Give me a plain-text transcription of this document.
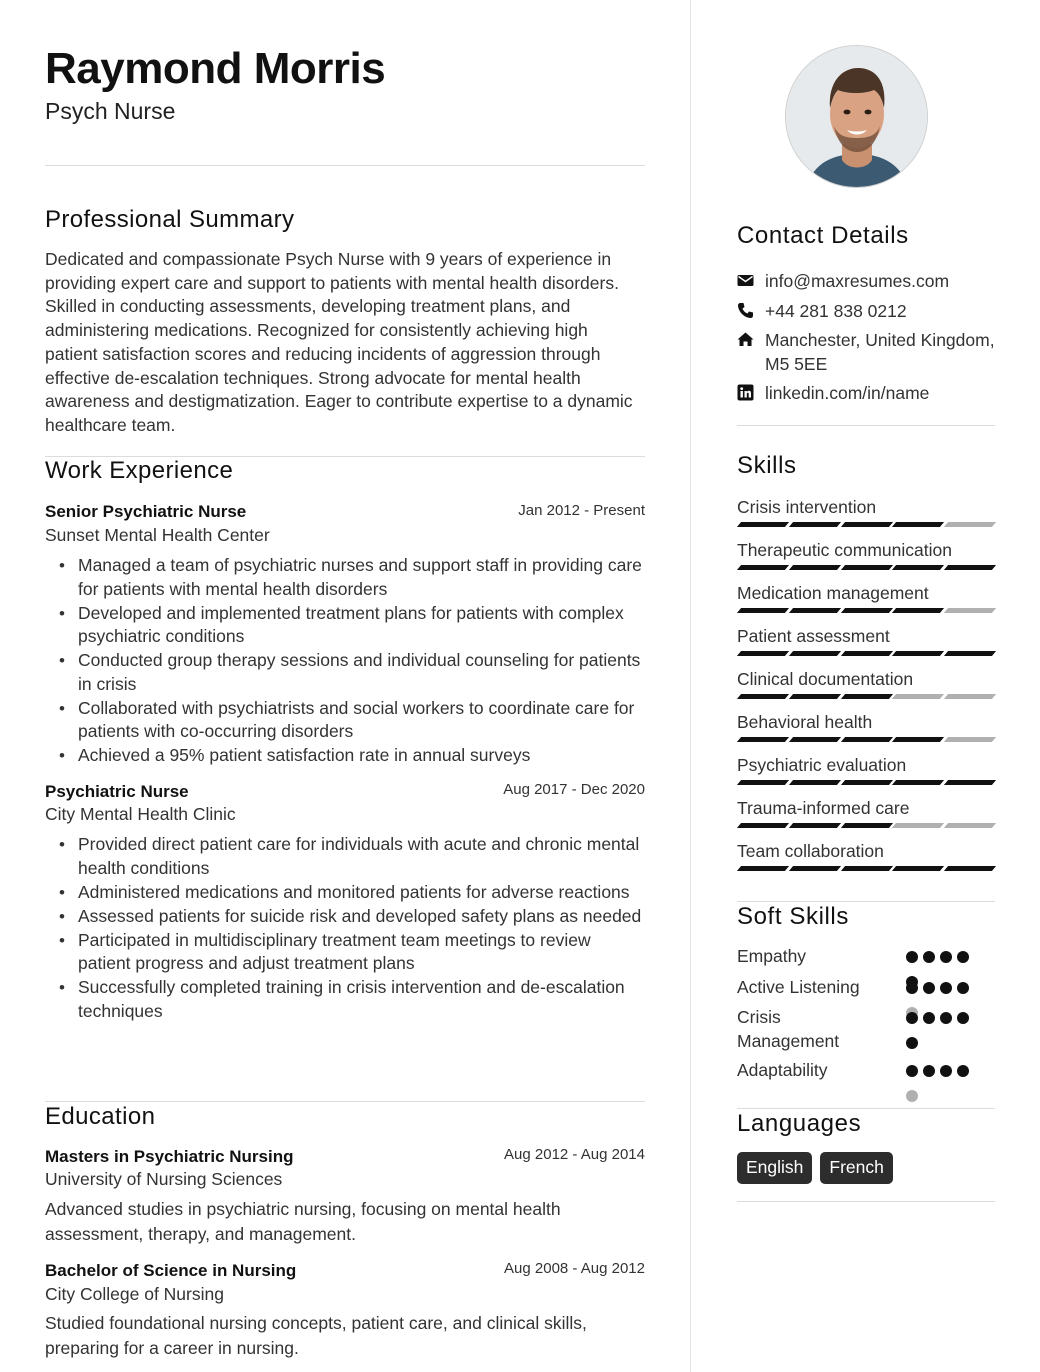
Raymond Morris
Psych Nurse
Professional Summary
Dedicated and compassionate Psych Nurse with 9 years of experience in providing expert care and support to patients with mental health disorders. Skilled in conducting assessments, developing treatment plans, and administering medications. Recognized for consistently achieving high patient satisfaction scores and reducing incidents of aggression through effective de-escalation techniques. Strong advocate for mental health awareness and destigmatization. Eager to contribute expertise to a dynamic healthcare team.
Work Experience
Senior Psychiatric Nurse	Jan 2012 - Present
Sunset Mental Health Center
• Managed a team of psychiatric nurses and support staff in providing care for patients with mental health disorders
• Developed and implemented treatment plans for patients with complex psychiatric conditions
• Conducted group therapy sessions and individual counseling for patients in crisis
• Collaborated with psychiatrists and social workers to coordinate care for patients with co-occurring disorders
• Achieved a 95% patient satisfaction rate in annual surveys
Psychiatric Nurse	Aug 2017 - Dec 2020
City Mental Health Clinic
• Provided direct patient care for individuals with acute and chronic mental health conditions
• Administered medications and monitored patients for adverse reactions
• Assessed patients for suicide risk and developed safety plans as needed
• Participated in multidisciplinary treatment team meetings to review patient progress and adjust treatment plans
• Successfully completed training in crisis intervention and de-escalation techniques
Education
Masters in Psychiatric Nursing	Aug 2012 - Aug 2014
University of Nursing Sciences
Advanced studies in psychiatric nursing, focusing on mental health assessment, therapy, and management.
Bachelor of Science in Nursing	Aug 2008 - Aug 2012
City College of Nursing
Studied foundational nursing concepts, patient care, and clinical skills, preparing for a career in nursing.
Contact Details
info@maxresumes.com
+44 281 838 0212
Manchester, United Kingdom, M5 5EE
linkedin.com/in/name
Skills
Crisis intervention
Therapeutic communication
Medication management
Patient assessment
Clinical documentation
Behavioral health
Psychiatric evaluation
Trauma-informed care
Team collaboration
Soft Skills
Empathy
Active Listening
Crisis Management
Adaptability
Languages
English	French
